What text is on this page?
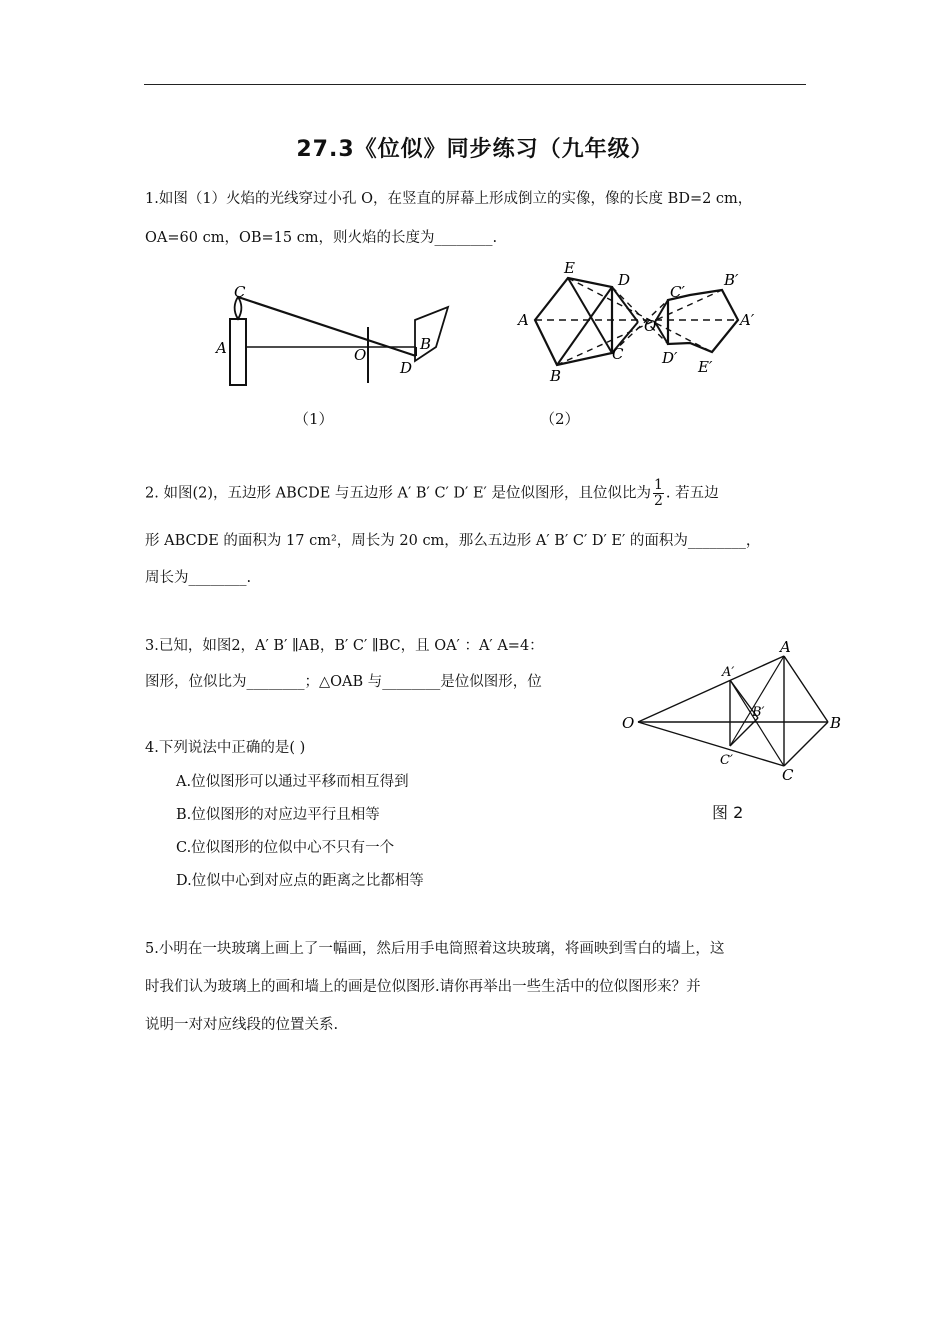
27.3《位似》同步练习（九年级）
1.如图（1）火焰的光线穿过小孔 O，在竖直的屏幕上形成倒立的实像，像的长度 BD=2 cm，
OA=60 cm，OB=15 cm，则火焰的长度为________.
C
A	O
B
D
（1）
E
D
A
C
B
O
C′
B′
A′
D′ E′
（2）
2. 如图(2)，五边形 ABCDE 与五边形 A′ B′ C′ D′ E′ 是位似图形，且位似比为 $\frac{1}{2}$ . 若五边
形 ABCDE 的面积为 17 cm²，周长为 20 cm，那么五边形 A′ B′ C′ D′ E′ 的面积为________，
周长为________.
3.已知，如图2，A′ B′ ∥AB，B′ C′ ∥BC，且 OA′ ：A′ A=4：
图形，位似比为________；△OAB 与________是位似图形，位
O
A
B
C
A′
B′
C′
图 2
4.下列说法中正确的是( )
A.位似图形可以通过平移而相互得到
B.位似图形的对应边平行且相等
C.位似图形的位似中心不只有一个
D.位似中心到对应点的距离之比都相等
5.小明在一块玻璃上画上了一幅画，然后用手电筒照着这块玻璃，将画映到雪白的墙上，这
时我们认为玻璃上的画和墙上的画是位似图形.请你再举出一些生活中的位似图形来？并
说明一对对应线段的位置关系.
